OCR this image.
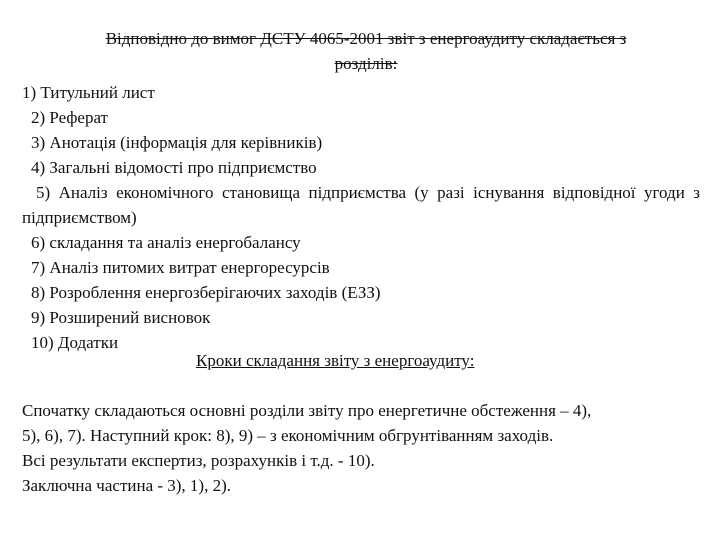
Відповідно до вимог ДСТУ 4065-2001 звіт з енергоаудиту складається з
розділів:
1) Титульний лист
2) Реферат
3) Анотація (інформація для керівників)
4) Загальні відомості про підприємство
5) Аналіз економічного становища підприємства (у разі існування відповідної угоди з підприємством)
6) складання та аналіз енергобалансу
7) Аналіз питомих витрат енергоресурсів
8) Розроблення енергозберігаючих заходів (ЕЗЗ)
9) Розширений висновок
10) Додатки
Кроки складання звіту з енергоаудиту:
Спочатку складаються основні розділи звіту про енергетичне обстеження – 4),
5), 6), 7). Наступний крок: 8), 9) – з економічним обгрунтіванням заходів.
Всі результати експертиз, розрахунків і т.д. - 10).
Заключна частина - 3), 1), 2).
